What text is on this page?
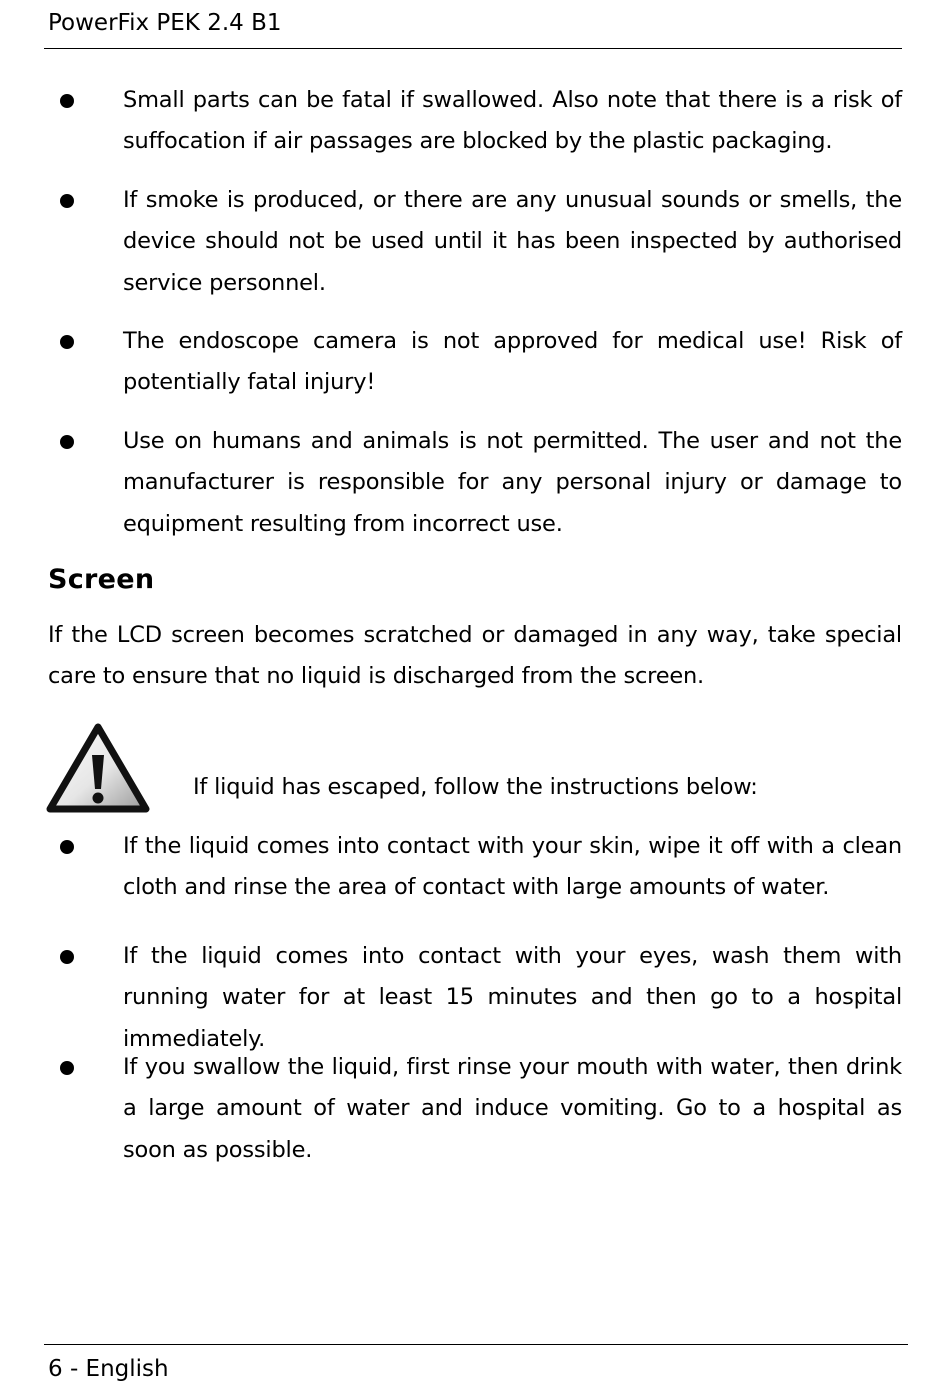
PowerFix PEK 2.4 B1
Small parts can be fatal if swallowed. Also note that there is a risk of suffocation if air passages are blocked by the plastic packaging.
If smoke is produced, or there are any unusual sounds or smells, the device should not be used until it has been inspected by authorised service personnel.
The endoscope camera is not approved for medical use! Risk of potentially fatal injury!
Use on humans and animals is not permitted. The user and not the manufacturer is responsible for any personal injury or damage to equipment resulting from incorrect use.
Screen
If the LCD screen becomes scratched or damaged in any way, take special care to ensure that no liquid is discharged from the screen.
If liquid has escaped, follow the instructions below:
If the liquid comes into contact with your skin, wipe it off with a clean cloth and rinse the area of contact with large amounts of water.
If the liquid comes into contact with your eyes, wash them with running water for at least 15 minutes and then go to a hospital immediately.
If you swallow the liquid, first rinse your mouth with water, then drink a large amount of water and induce vomiting. Go to a hospital as soon as possible.
6 - English
